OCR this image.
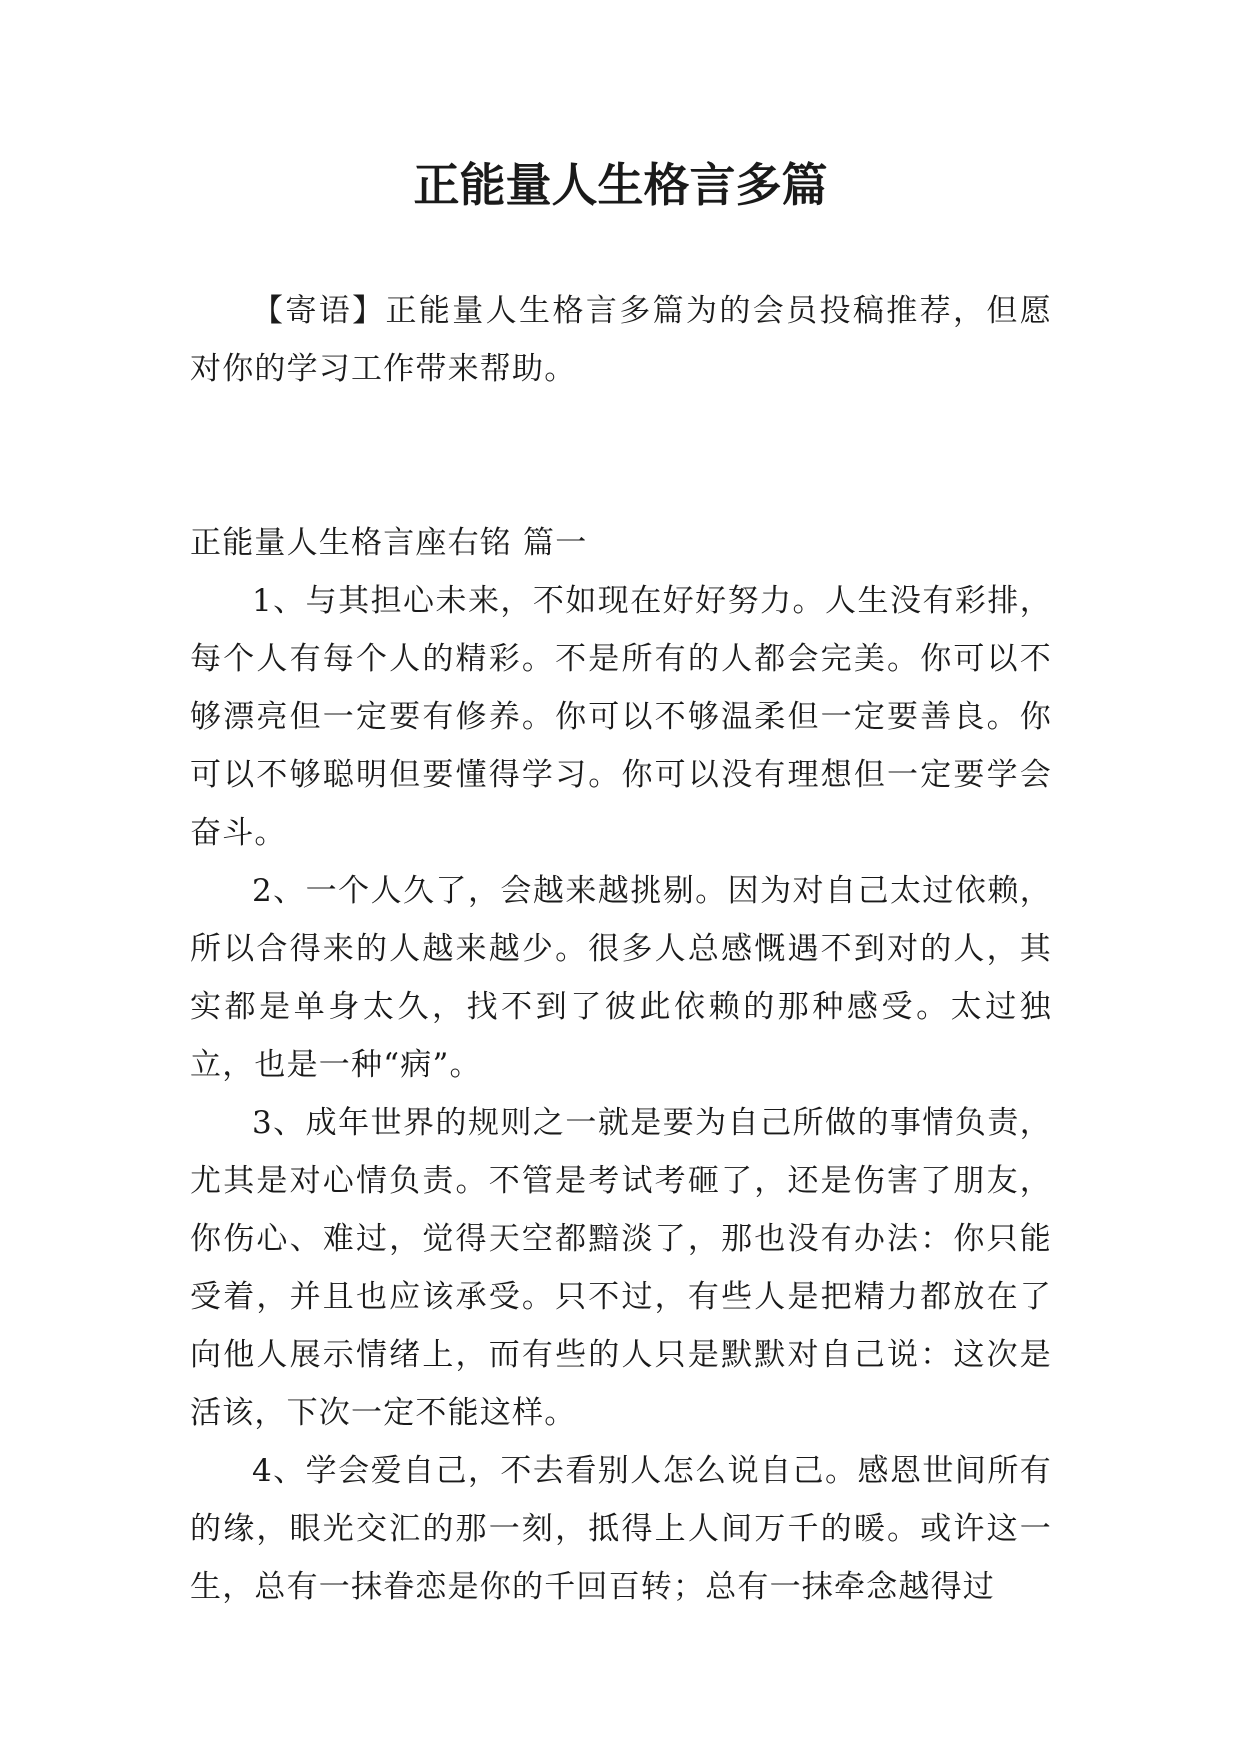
正能量人生格言多篇

【寄语】正能量人生格言多篇为的会员投稿推荐，但愿对你的学习工作带来帮助。

正能量人生格言座右铭 篇一

1、与其担心未来，不如现在好好努力。人生没有彩排，每个人有每个人的精彩。不是所有的人都会完美。你可以不够漂亮但一定要有修养。你可以不够温柔但一定要善良。你可以不够聪明但要懂得学习。你可以没有理想但一定要学会奋斗。

2、一个人久了，会越来越挑剔。因为对自己太过依赖，所以合得来的人越来越少。很多人总感慨遇不到对的人，其实都是单身太久，找不到了彼此依赖的那种感受。太过独立，也是一种“病”。

3、成年世界的规则之一就是要为自己所做的事情负责，尤其是对心情负责。不管是考试考砸了，还是伤害了朋友，你伤心、难过，觉得天空都黯淡了，那也没有办法：你只能受着，并且也应该承受。只不过，有些人是把精力都放在了向他人展示情绪上，而有些的人只是默默对自己说：这次是活该，下次一定不能这样。

4、学会爱自己，不去看别人怎么说自己。感恩世间所有的缘，眼光交汇的那一刻，抵得上人间万千的暖。或许这一生，总有一抹眷恋是你的千回百转；总有一抹牵念越得过
